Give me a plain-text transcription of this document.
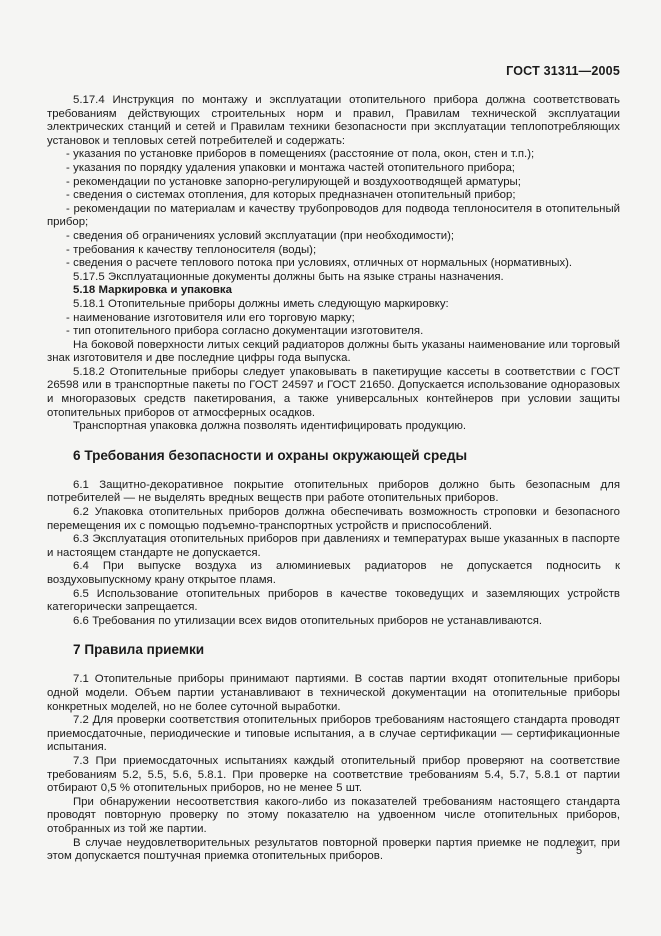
ГОСТ 31311—2005

5.17.4 Инструкция по монтажу и эксплуатации отопительного прибора должна соответствовать требованиям действующих строительных норм и правил, Правилам технической эксплуатации электрических станций и сетей и Правилам техники безопасности при эксплуатации теплопотребляющих установок и тепловых сетей потребителей и содержать:

- указания по установке приборов в помещениях (расстояние от пола, окон, стен и т.п.);

- указания по порядку удаления упаковки и монтажа частей отопительного прибора;

- рекомендации по установке запорно-регулирующей и воздухоотводящей арматуры;

- сведения о системах отопления, для которых предназначен отопительный прибор;

- рекомендации по материалам и качеству трубопроводов для подвода теплоносителя в отопительный прибор;

- сведения об ограничениях условий эксплуатации (при необходимости);

- требования к качеству теплоносителя (воды);

- сведения о расчете теплового потока при условиях, отличных от нормальных (нормативных).

5.17.5 Эксплуатационные документы должны быть на языке страны назначения.

5.18 Маркировка и упаковка

5.18.1 Отопительные приборы должны иметь следующую маркировку:

- наименование изготовителя или его торговую марку;

- тип отопительного прибора согласно документации изготовителя.

На боковой поверхности литых секций радиаторов должны быть указаны наименование или торговый знак изготовителя и две последние цифры года выпуска.

5.18.2 Отопительные приборы следует упаковывать в пакетирущие кассеты в соответствии с ГОСТ 26598 или в транспортные пакеты по ГОСТ 24597 и ГОСТ 21650. Допускается использование одноразовых и многоразовых средств пакетирования, а также универсальных контейнеров при условии защиты отопительных приборов от атмосферных осадков.

Транспортная упаковка должна позволять идентифицировать продукцию.

6 Требования безопасности и охраны окружающей среды

6.1 Защитно-декоративное покрытие отопительных приборов должно быть безопасным для потребителей — не выделять вредных веществ при работе отопительных приборов.

6.2 Упаковка отопительных приборов должна обеспечивать возможность строповки и безопасного перемещения их с помощью подъемно-транспортных устройств и приспособлений.

6.3 Эксплуатация отопительных приборов при давлениях и температурах выше указанных в паспорте и настоящем стандарте не допускается.

6.4 При выпуске воздуха из алюминиевых радиаторов не допускается подносить к воздуховыпускному крану открытое пламя.

6.5 Использование отопительных приборов в качестве токоведущих и заземляющих устройств категорически запрещается.

6.6 Требования по утилизации всех видов отопительных приборов не устанавливаются.

7 Правила приемки

7.1 Отопительные приборы принимают партиями. В состав партии входят отопительные приборы одной модели. Объем партии устанавливают в технической документации на отопительные приборы конкретных моделей, но не более суточной выработки.

7.2 Для проверки соответствия отопительных приборов требованиям настоящего стандарта проводят приемосдаточные, периодические и типовые испытания, а в случае сертификации — сертификационные испытания.

7.3 При приемосдаточных испытаниях каждый отопительный прибор проверяют на соответствие требованиям 5.2, 5.5, 5.6, 5.8.1. При проверке на соответствие требованиям 5.4, 5.7, 5.8.1 от партии отбирают 0,5 % отопительных приборов, но не менее 5 шт.

При обнаружении несоответствия какого-либо из показателей требованиям настоящего стандарта проводят повторную проверку по этому показателю на удвоенном числе отопительных приборов, отобранных из той же партии.

В случае неудовлетворительных результатов повторной проверки партия приемке не подлежит, при этом допускается поштучная приемка отопительных приборов.	5
